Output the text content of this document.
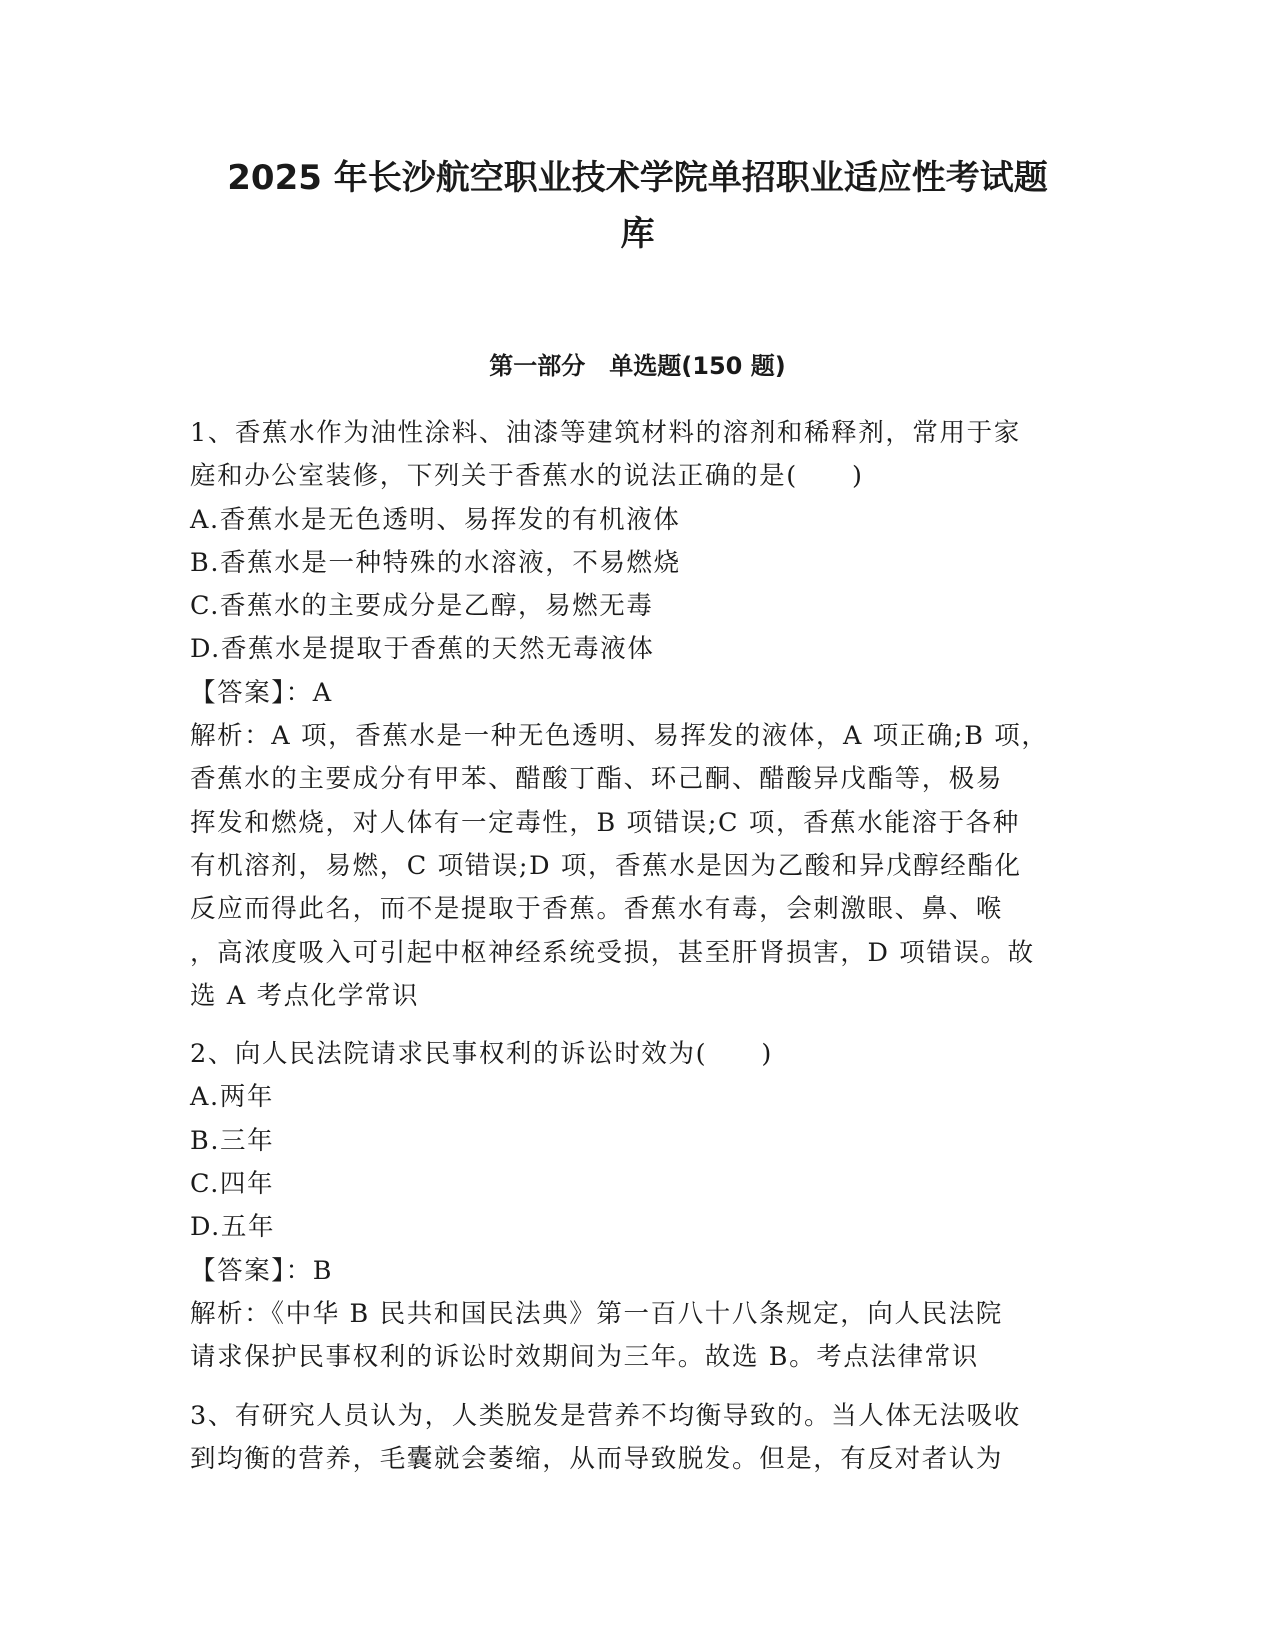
2025 年长沙航空职业技术学院单招职业适应性考试题
库
第一部分　单选题(150 题)
1、香蕉水作为油性涂料、油漆等建筑材料的溶剂和稀释剂，常用于家
庭和办公室装修，下列关于香蕉水的说法正确的是(　　)
A.香蕉水是无色透明、易挥发的有机液体
B.香蕉水是一种特殊的水溶液，不易燃烧
C.香蕉水的主要成分是乙醇，易燃无毒
D.香蕉水是提取于香蕉的天然无毒液体
【答案】：A
解析：A 项，香蕉水是一种无色透明、易挥发的液体，A 项正确;B 项，
香蕉水的主要成分有甲苯、醋酸丁酯、环己酮、醋酸异戊酯等，极易
挥发和燃烧，对人体有一定毒性，B 项错误;C 项，香蕉水能溶于各种
有机溶剂，易燃，C 项错误;D 项，香蕉水是因为乙酸和异戊醇经酯化
反应而得此名，而不是提取于香蕉。香蕉水有毒，会刺激眼、鼻、喉
，高浓度吸入可引起中枢神经系统受损，甚至肝肾损害，D 项错误。故
选 A 考点化学常识
2、向人民法院请求民事权利的诉讼时效为(　　)
A.两年
B.三年
C.四年
D.五年
【答案】：B
解析：《中华 B 民共和国民法典》第一百八十八条规定，向人民法院
请求保护民事权利的诉讼时效期间为三年。故选 B。考点法律常识
3、有研究人员认为，人类脱发是营养不均衡导致的。当人体无法吸收
到均衡的营养，毛囊就会萎缩，从而导致脱发。但是，有反对者认为
